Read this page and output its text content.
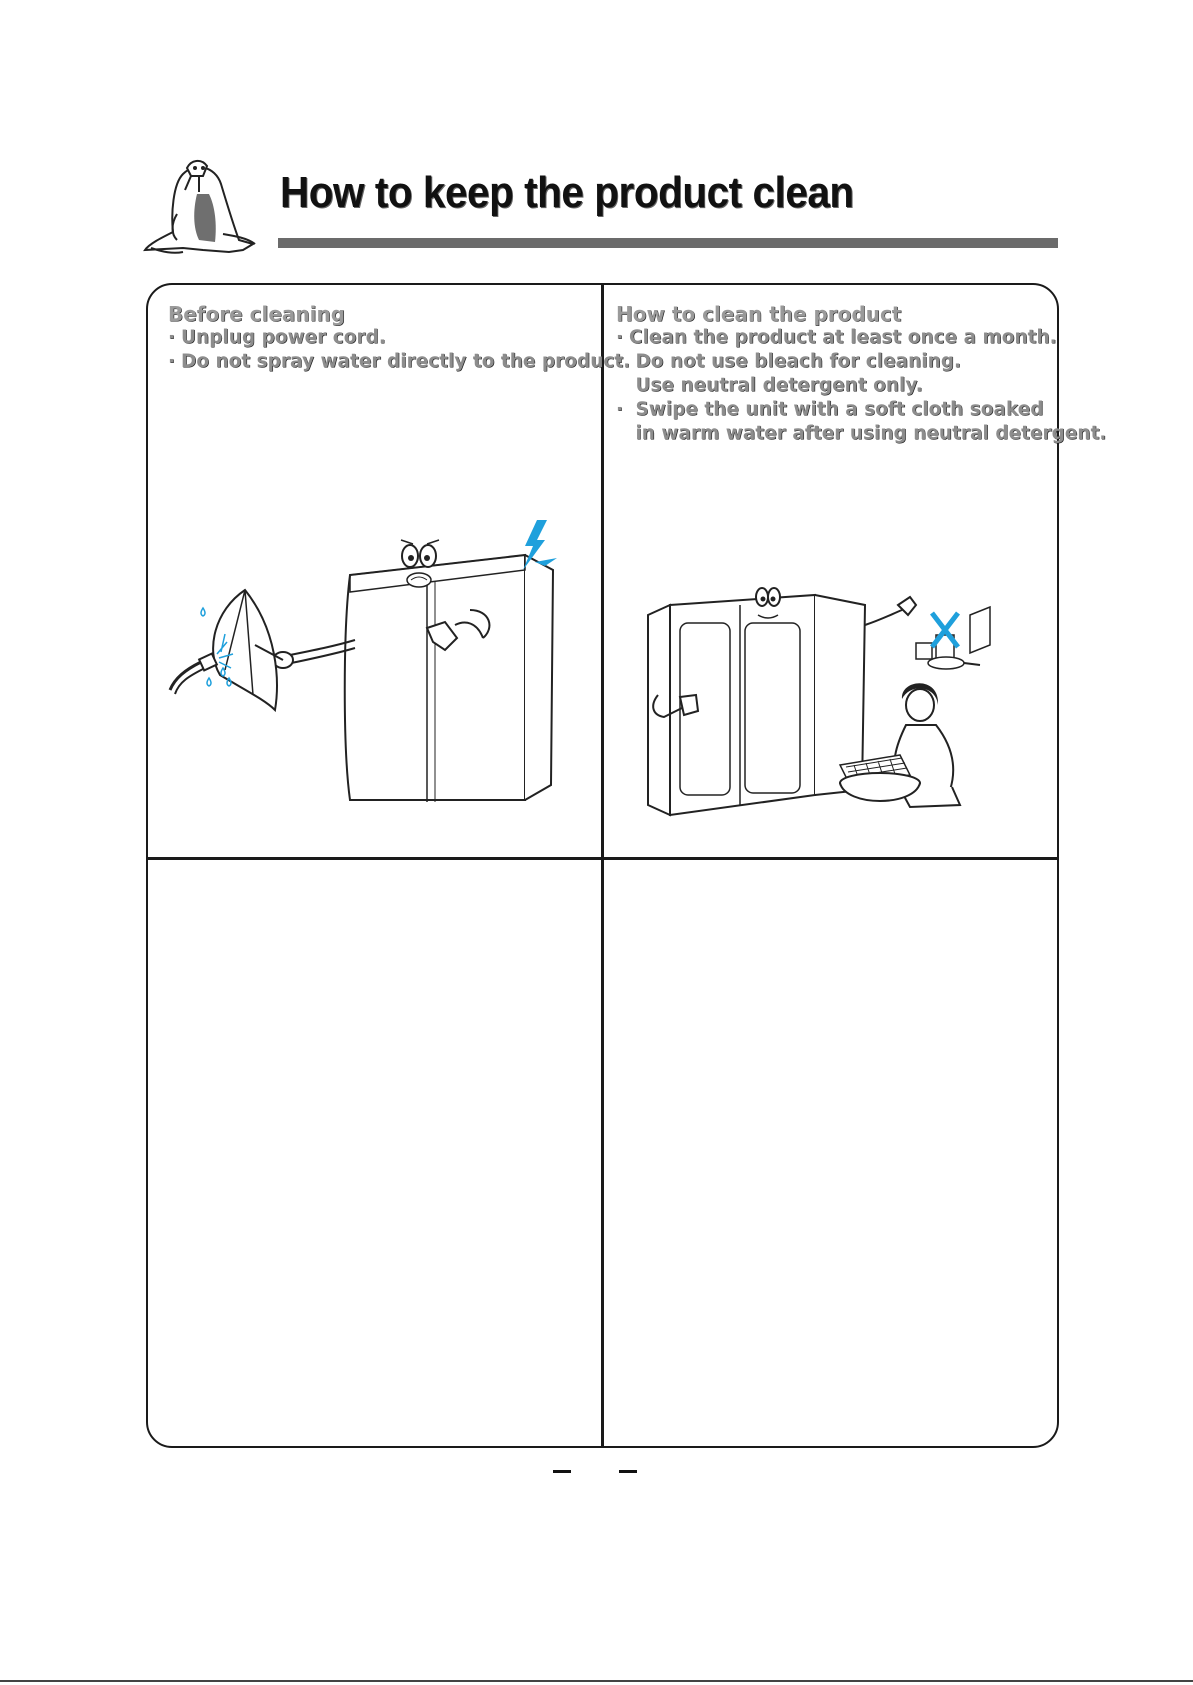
How to keep the product clean
Before cleaning
· Unplug power cord.
· Do not spray water directly to the product.
How to clean the product
· Clean the product at least once a month.
·  Do not use bleach for cleaning.
Use neutral detergent only.
·  Swipe the unit with a soft cloth soaked
in warm water after using neutral detergent.
